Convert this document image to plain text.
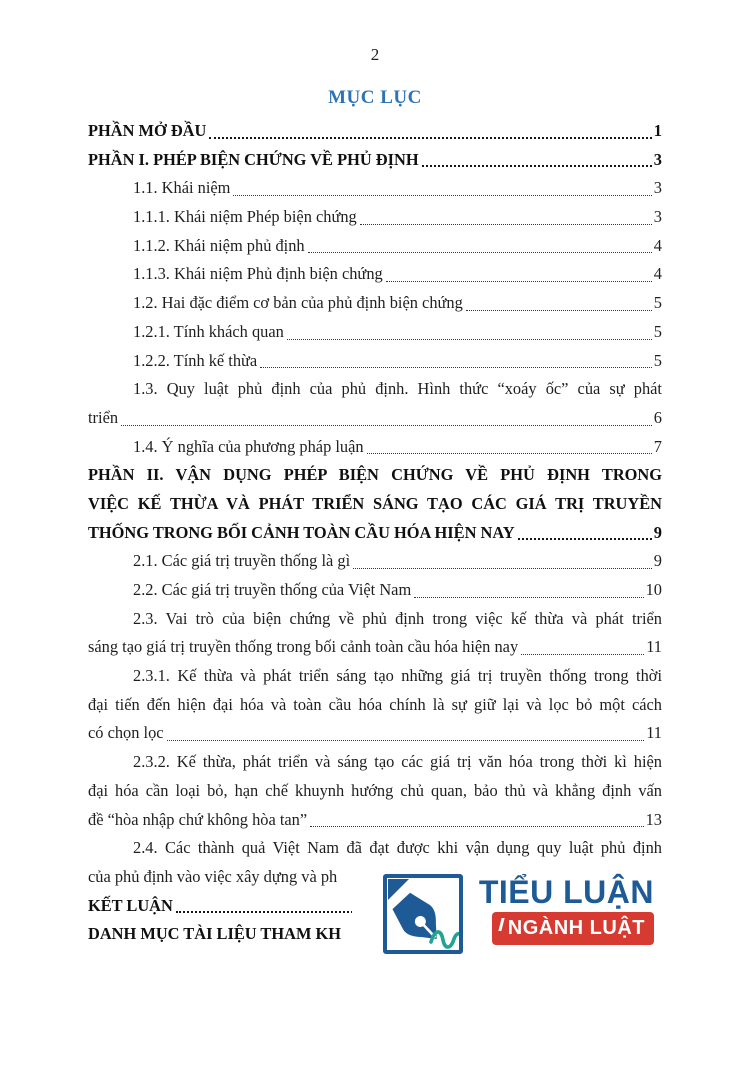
2
MỤC LỤC
PHẦN MỞ ĐẦU	1
PHẦN I. PHÉP BIỆN CHỨNG VỀ PHỦ ĐỊNH	3
1.1. Khái niệm	3
1.1.1. Khái niệm Phép biện chứng	3
1.1.2. Khái niệm phủ định	4
1.1.3. Khái niệm Phủ định biện chứng	4
1.2. Hai đặc điểm cơ bản của phủ định biện chứng	5
1.2.1. Tính khách quan	5
1.2.2. Tính kế thừa	5
1.3. Quy luật phủ định của phủ định. Hình thức “xoáy ốc” của sự phát
triển	6
1.4. Ý nghĩa của phương pháp luận	7
PHẦN II. VẬN DỤNG PHÉP BIỆN CHỨNG VỀ PHỦ ĐỊNH TRONG
VIỆC KẾ THỪA VÀ PHÁT TRIỂN SÁNG TẠO CÁC GIÁ TRỊ TRUYỀN
THỐNG TRONG BỐI CẢNH TOÀN CẦU HÓA HIỆN NAY	9
2.1. Các giá trị truyền thống là gì	9
2.2. Các giá trị truyền thống của Việt Nam	10
2.3. Vai trò của biện chứng về phủ định trong việc kế thừa và phát triển
sáng tạo giá trị truyền thống trong bối cảnh toàn cầu hóa hiện nay	11
2.3.1. Kế thừa và phát triển sáng tạo những giá trị truyền thống trong thời
đại tiến đến hiện đại hóa và toàn cầu hóa chính là sự giữ lại và lọc bỏ một cách
có chọn lọc	11
2.3.2. Kế thừa, phát triển và sáng tạo các giá trị văn hóa trong thời kì hiện
đại hóa cần loại bỏ, hạn chế khuynh hướng chủ quan, bảo thủ và khẳng định vấn
đề “hòa nhập chứ không hòa tan”	13
2.4. Các thành quả Việt Nam đã đạt được khi vận dụng quy luật phủ định
của phủ định vào việc xây dựng và ph
KẾT LUẬN
DANH MỤC TÀI LIỆU THAM KH
TIỂU LUẬN
NGÀNH LUẬT
